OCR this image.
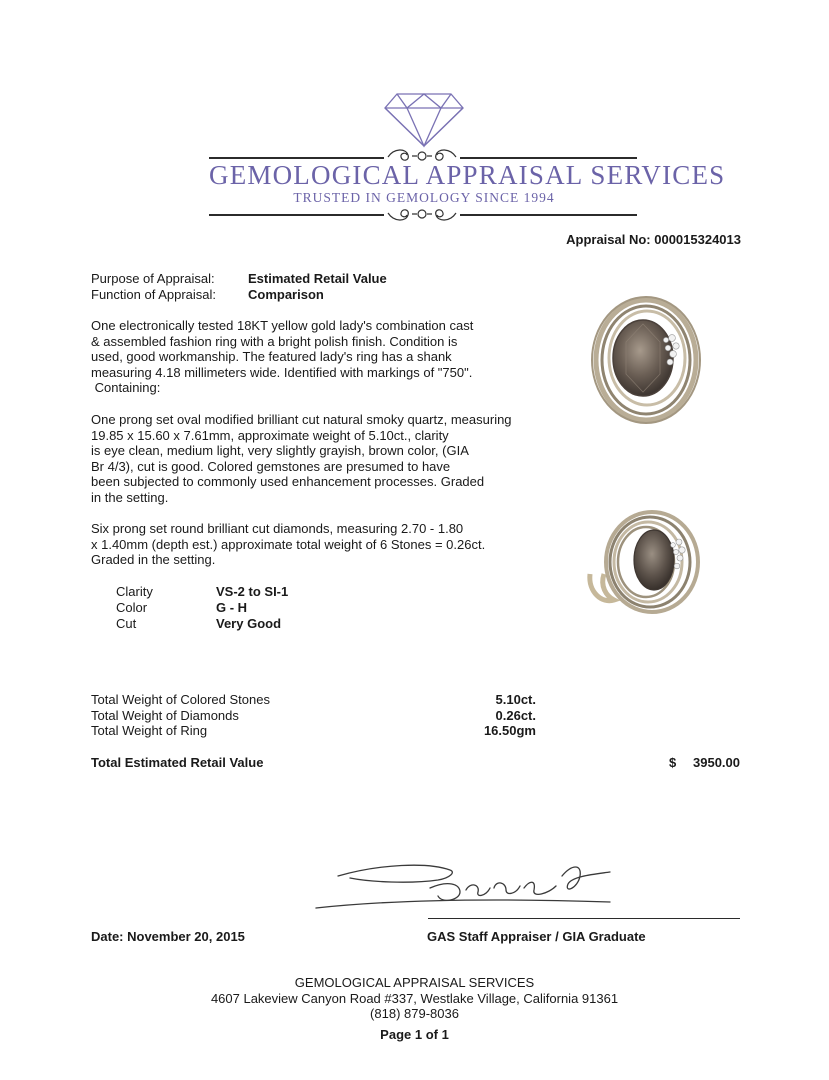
GEMOLOGICAL APPRAISAL SERVICES
TRUSTED IN GEMOLOGY SINCE 1994
Appraisal No: 000015324013
Purpose of Appraisal:	Estimated Retail Value
Function of Appraisal: Comparison

One electronically tested 18KT yellow gold lady's combination cast

& assembled fashion ring with a bright polish finish. Condition is

used, good workmanship. The featured lady's ring has a shank

measuring 4.18 millimeters wide. Identified with markings of "750".

Containing:

One prong set oval modified brilliant cut natural smoky quartz, measuring

19.85 x 15.60 x 7.61mm, approximate weight of 5.10ct., clarity

is eye clean, medium light, very slightly grayish, brown color, (GIA

Br 4/3), cut is good. Colored gemstones are presumed to have

been subjected to commonly used enhancement processes. Graded

in the setting.

Six prong set round brilliant cut diamonds, measuring 2.70 - 1.80

x 1.40mm (depth est.) approximate total weight of 6 Stones = 0.26ct.

Graded in the setting.

Clarity	VS-2 to SI-1
Color	G - H
Cut	Very Good
Total Weight of Colored Stones	5.10ct.
Total Weight of Diamonds	0.26ct.
Total Weight of Ring	16.50gm
Total Estimated Retail Value	$	3950.00
Date: November 20, 2015	GAS Staff Appraiser / GIA Graduate
GEMOLOGICAL APPRAISAL SERVICES
4607 Lakeview Canyon Road #337, Westlake Village, California 91361
(818) 879-8036
Page 1 of 1
